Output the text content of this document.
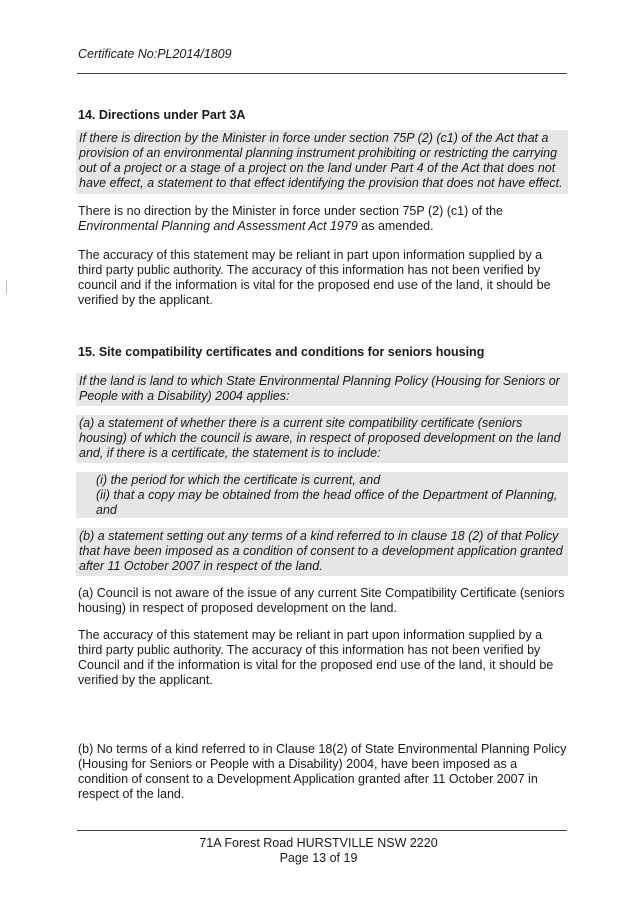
Certificate No:PL2014/1809
14. Directions under Part 3A
If there is direction by the Minister in force under section 75P (2) (c1) of the Act that a provision of an environmental planning instrument prohibiting or restricting the carrying out of a project or a stage of a project on the land under Part 4 of the Act that does not have effect, a statement to that effect identifying the provision that does not have effect.
There is no direction by the Minister in force under section 75P (2) (c1) of the Environmental Planning and Assessment Act 1979 as amended.
The accuracy of this statement may be reliant in part upon information supplied by a third party public authority. The accuracy of this information has not been verified by council and if the information is vital for the proposed end use of the land, it should be verified by the applicant.
15. Site compatibility certificates and conditions for seniors housing
If the land is land to which State Environmental Planning Policy (Housing for Seniors or People with a Disability) 2004 applies:
(a) a statement of whether there is a current site compatibility certificate (seniors housing) of which the council is aware, in respect of proposed development on the land and, if there is a certificate, the statement is to include:
(i) the period for which the certificate is current, and
(ii) that a copy may be obtained from the head office of the Department of Planning, and
(b) a statement setting out any terms of a kind referred to in clause 18 (2) of that Policy that have been imposed as a condition of consent to a development application granted after 11 October 2007 in respect of the land.
(a) Council is not aware of the issue of any current Site Compatibility Certificate (seniors housing) in respect of proposed development on the land.
The accuracy of this statement may be reliant in part upon information supplied by a third party public authority. The accuracy of this information has not been verified by Council and if the information is vital for the proposed end use of the land, it should be verified by the applicant.
(b) No terms of a kind referred to in Clause 18(2) of State Environmental Planning Policy (Housing for Seniors or People with a Disability) 2004, have been imposed as a condition of consent to a Development Application granted after 11 October 2007 in respect of the land.
71A Forest Road HURSTVILLE NSW 2220
Page 13 of 19
